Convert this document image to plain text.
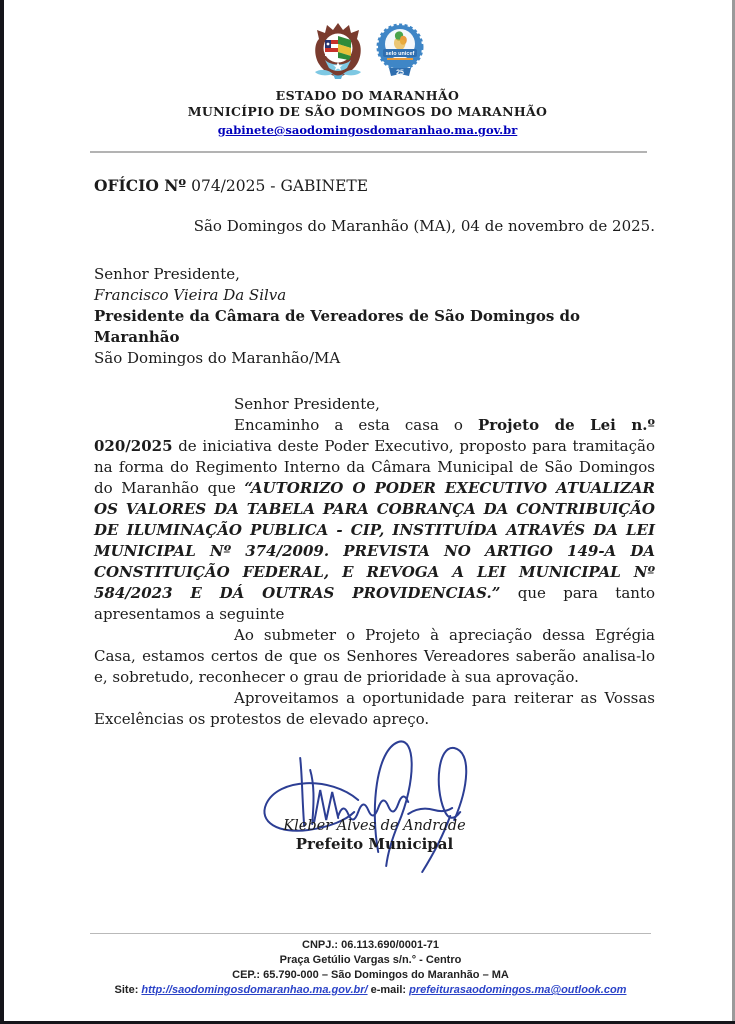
selo unicef
25
ESTADO DO MARANHÃO
MUNICÍPIO DE SÃO DOMINGOS DO MARANHÃO
gabinete@saodomingosdomaranhao.ma.gov.br
OFÍCIO Nº 074/2025 - GABINETE
São Domingos do Maranhão (MA), 04 de novembro de 2025.
Senhor Presidente,
Francisco Vieira Da Silva
Presidente da Câmara de Vereadores de São Domingos do Maranhão
São Domingos do Maranhão/MA
Senhor Presidente,

Encaminho a esta casa o Projeto de Lei n.º 020/2025 de iniciativa deste Poder Executivo, proposto para tramitação na forma do Regimento Interno da Câmara Municipal de São Domingos do Maranhão que “AUTORIZO O PODER EXECUTIVO ATUALIZAR OS VALORES DA TABELA PARA COBRANÇA DA CONTRIBUIÇÃO DE ILUMINAÇÃO PUBLICA - CIP, INSTITUÍDA ATRAVÉS DA LEI MUNICIPAL Nº 374/2009. PREVISTA NO ARTIGO 149-A DA CONSTITUIÇÃO FEDERAL, E REVOGA A LEI MUNICIPAL Nº 584/2023 E DÁ OUTRAS PROVIDENCIAS.” que para tanto apresentamos a seguinte

Ao submeter o Projeto à apreciação dessa Egrégia Casa, estamos certos de que os Senhores Vereadores saberão analisa-lo e, sobretudo, reconhecer o grau de prioridade à sua aprovação.

Aproveitamos a oportunidade para reiterar as Vossas Excelências os protestos de elevado apreço.

Kleber Alves de Andrade
Prefeito Municipal
CNPJ.: 06.113.690/0001-71
Praça Getúlio Vargas s/n.° - Centro
CEP.: 65.790-000 – São Domingos do Maranhão – MA
Site: http://saodomingosdomaranhao.ma.gov.br/ e-mail: prefeiturasaodomingos.ma@outlook.com
